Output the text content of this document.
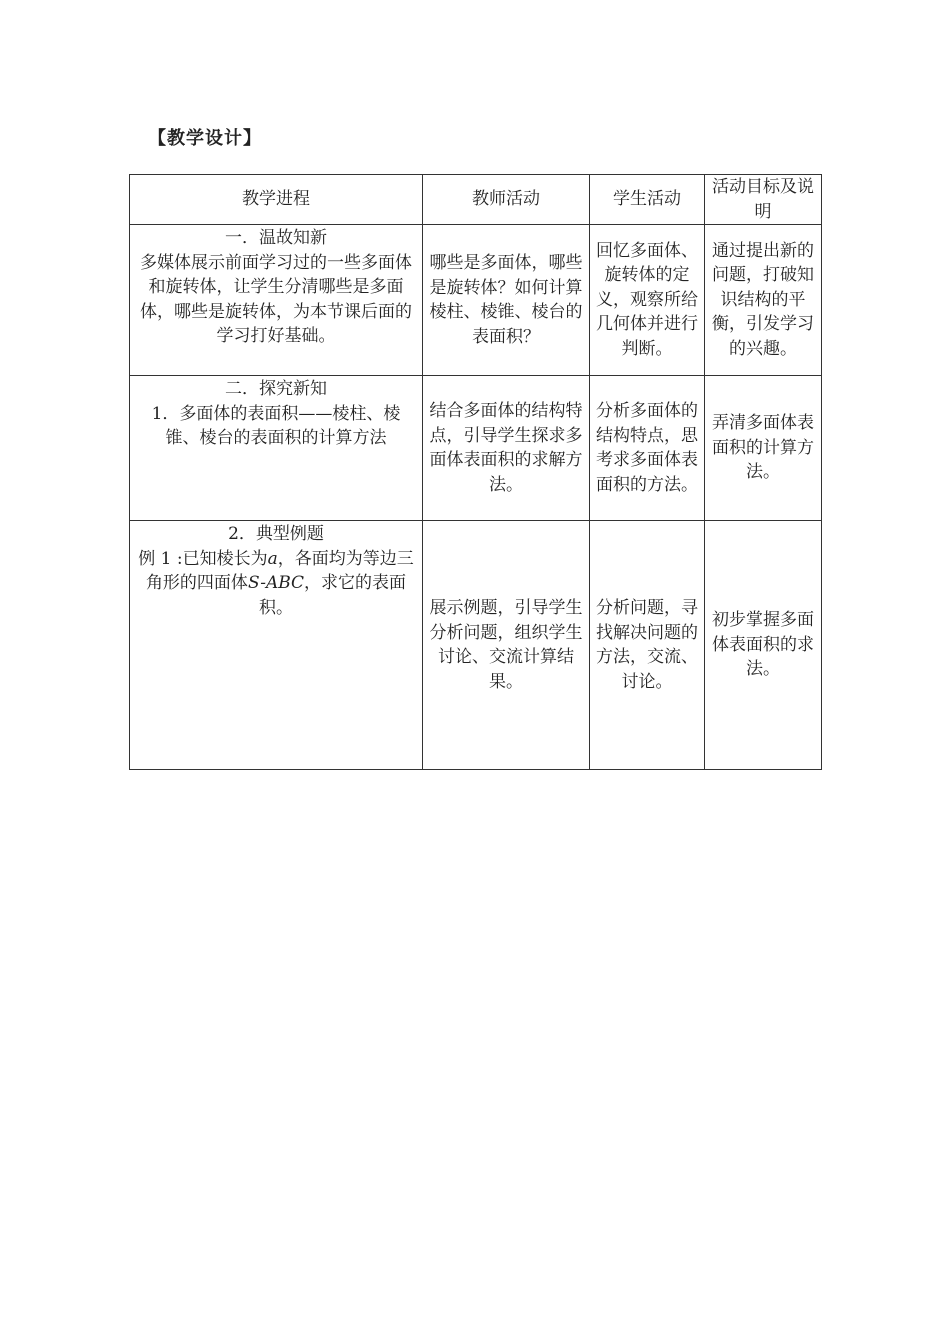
【教学设计】
教学进程	教师活动	学生活动	活动目标及说明

一．温故知新
多媒体展示前面学习过的一些多面体和旋转体，让学生分清哪些是多面体，哪些是旋转体，为本节课后面的学习打好基础。	哪些是多面体，哪些是旋转体？如何计算棱柱、棱锥、棱台的表面积？	回忆多面体、旋转体的定义，观察所给几何体并进行判断。	通过提出新的问题，打破知识结构的平衡，引发学习的兴趣。

二．探究新知
1．多面体的表面积——棱柱、棱锥、棱台的表面积的计算方法	结合多面体的结构特点，引导学生探求多面体表面积的求解方法。	分析多面体的结构特点，思考求多面体表面积的方法。	弄清多面体表面积的计算方法。

2．典型例题
例 1 :已知棱长为a，各面均为等边三角形的四面体S-ABC，求它的表面积。	展示例题，引导学生分析问题，组织学生讨论、交流计算结果。	分析问题，寻找解决问题的方法，交流、讨论。	初步掌握多面体表面积的求法。
